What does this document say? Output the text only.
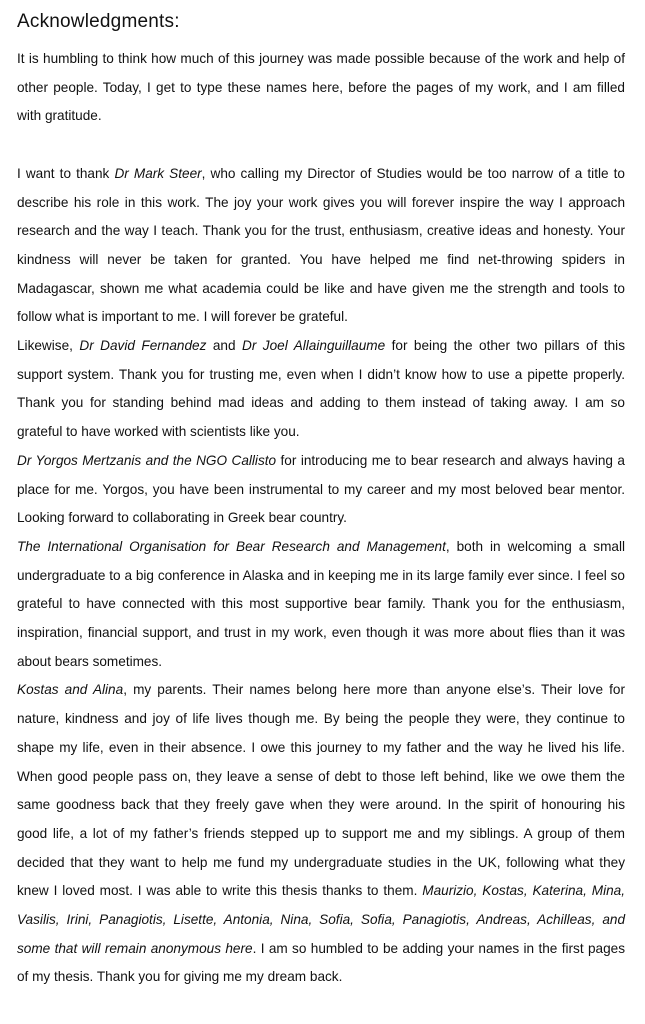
Acknowledgments:

It is humbling to think how much of this journey was made possible because of the work and help of other people. Today, I get to type these names here, before the pages of my work, and I am filled with gratitude.

I want to thank Dr Mark Steer, who calling my Director of Studies would be too narrow of a title to describe his role in this work. The joy your work gives you will forever inspire the way I approach research and the way I teach. Thank you for the trust, enthusiasm, creative ideas and honesty. Your kindness will never be taken for granted. You have helped me find net-throwing spiders in Madagascar, shown me what academia could be like and have given me the strength and tools to follow what is important to me. I will forever be grateful.

Likewise, Dr David Fernandez and Dr Joel Allainguillaume for being the other two pillars of this support system. Thank you for trusting me, even when I didn’t know how to use a pipette properly. Thank you for standing behind mad ideas and adding to them instead of taking away. I am so grateful to have worked with scientists like you.

Dr Yorgos Mertzanis and the NGO Callisto for introducing me to bear research and always having a place for me. Yorgos, you have been instrumental to my career and my most beloved bear mentor. Looking forward to collaborating in Greek bear country.

The International Organisation for Bear Research and Management, both in welcoming a small undergraduate to a big conference in Alaska and in keeping me in its large family ever since. I feel so grateful to have connected with this most supportive bear family. Thank you for the enthusiasm, inspiration, financial support, and trust in my work, even though it was more about flies than it was about bears sometimes.

Kostas and Alina, my parents. Their names belong here more than anyone else’s. Their love for nature, kindness and joy of life lives though me. By being the people they were, they continue to shape my life, even in their absence. I owe this journey to my father and the way he lived his life. When good people pass on, they leave a sense of debt to those left behind, like we owe them the same goodness back that they freely gave when they were around. In the spirit of honouring his good life, a lot of my father’s friends stepped up to support me and my siblings. A group of them decided that they want to help me fund my undergraduate studies in the UK, following what they knew I loved most. I was able to write this thesis thanks to them. Maurizio, Kostas, Katerina, Mina, Vasilis, Irini, Panagiotis, Lisette, Antonia, Nina, Sofia, Sofia, Panagiotis, Andreas, Achilleas, and some that will remain anonymous here. I am so humbled to be adding your names in the first pages of my thesis. Thank you for giving me my dream back.
